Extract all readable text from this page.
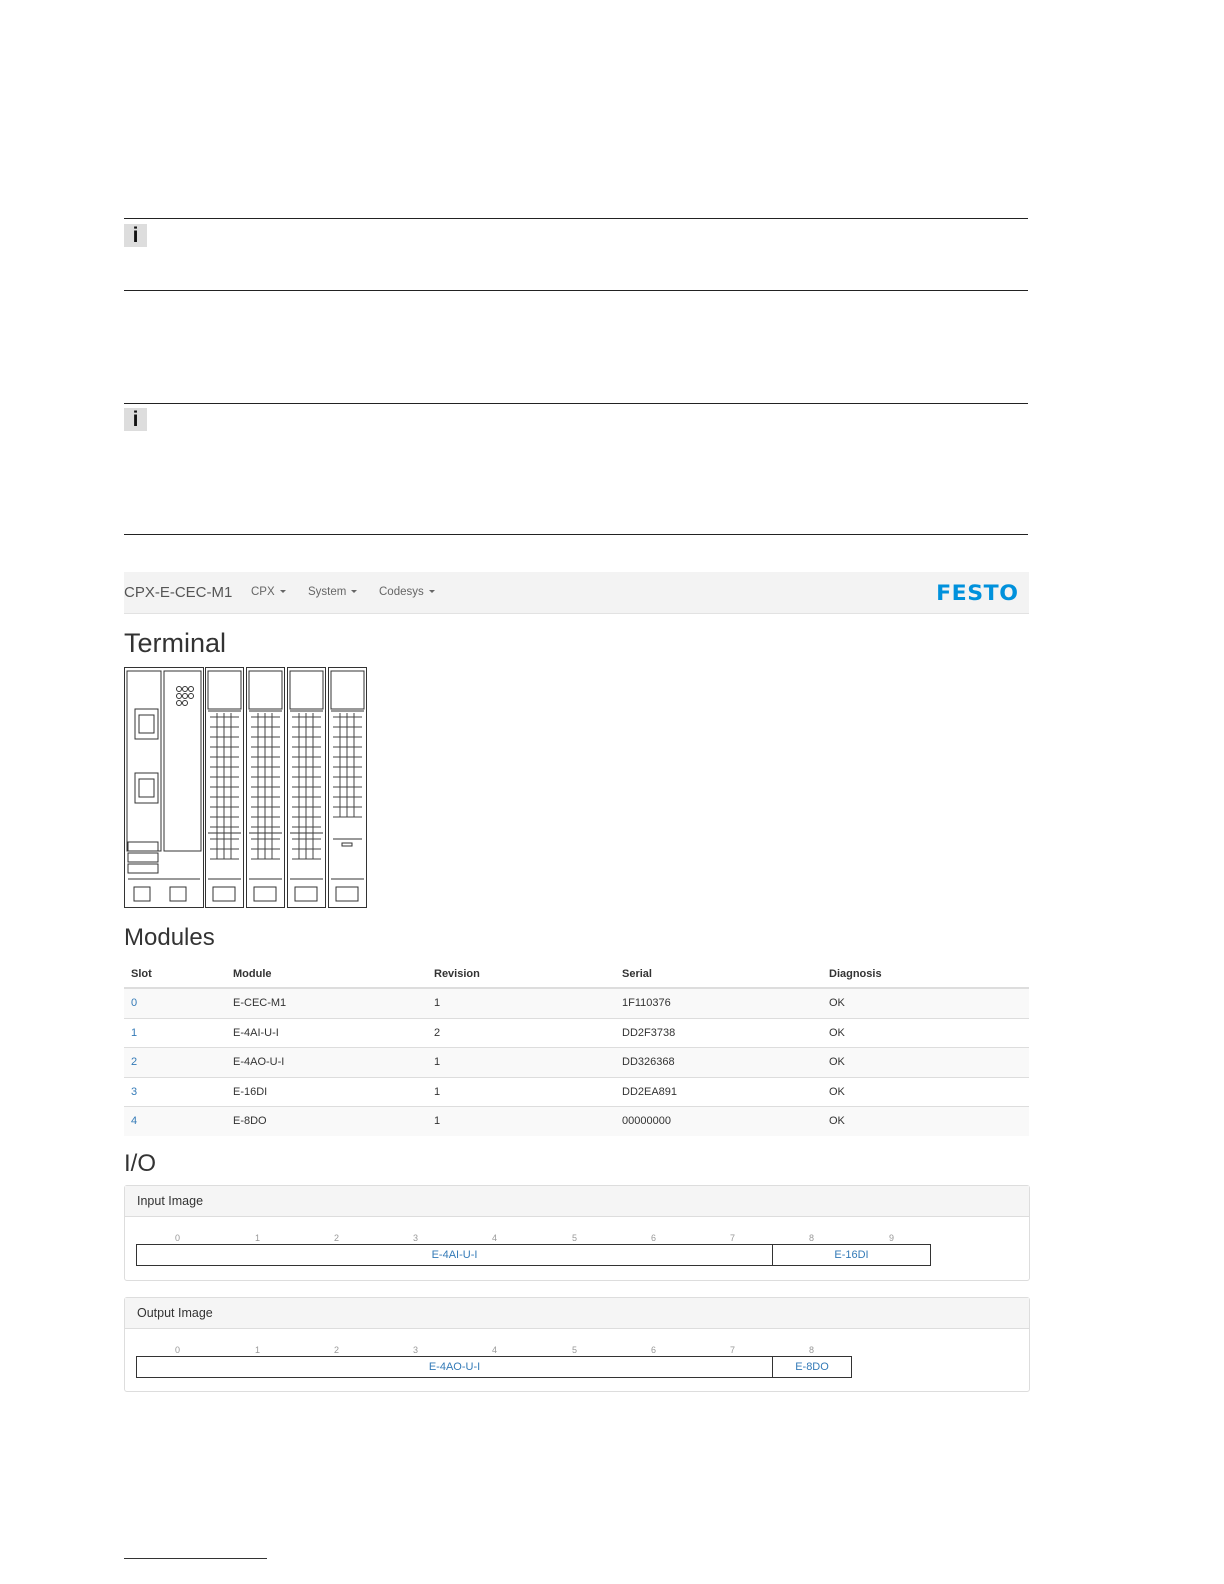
i
i
CPX-E-CEC-M1 CPX	System	Codesys	FESTO
Terminal
Modules
Slot	Module	Revision	Serial	Diagnosis
0	E-CEC-M1	1	1F110376	OK
1	E-4AI-U-I	2	DD2F3738	OK
2	E-4AO-U-I	1	DD326368	OK
3	E-16DI	1	DD2EA891	OK
4	E-8DO	1	00000000	OK
I/O
Input Image
0	1	2	3	4	5	6	7	8	9
E-4AI-U-I	E-16DI
Output Image
0	1	2	3	4	5	6	7	8
E-4AO-U-I	E-8DO
